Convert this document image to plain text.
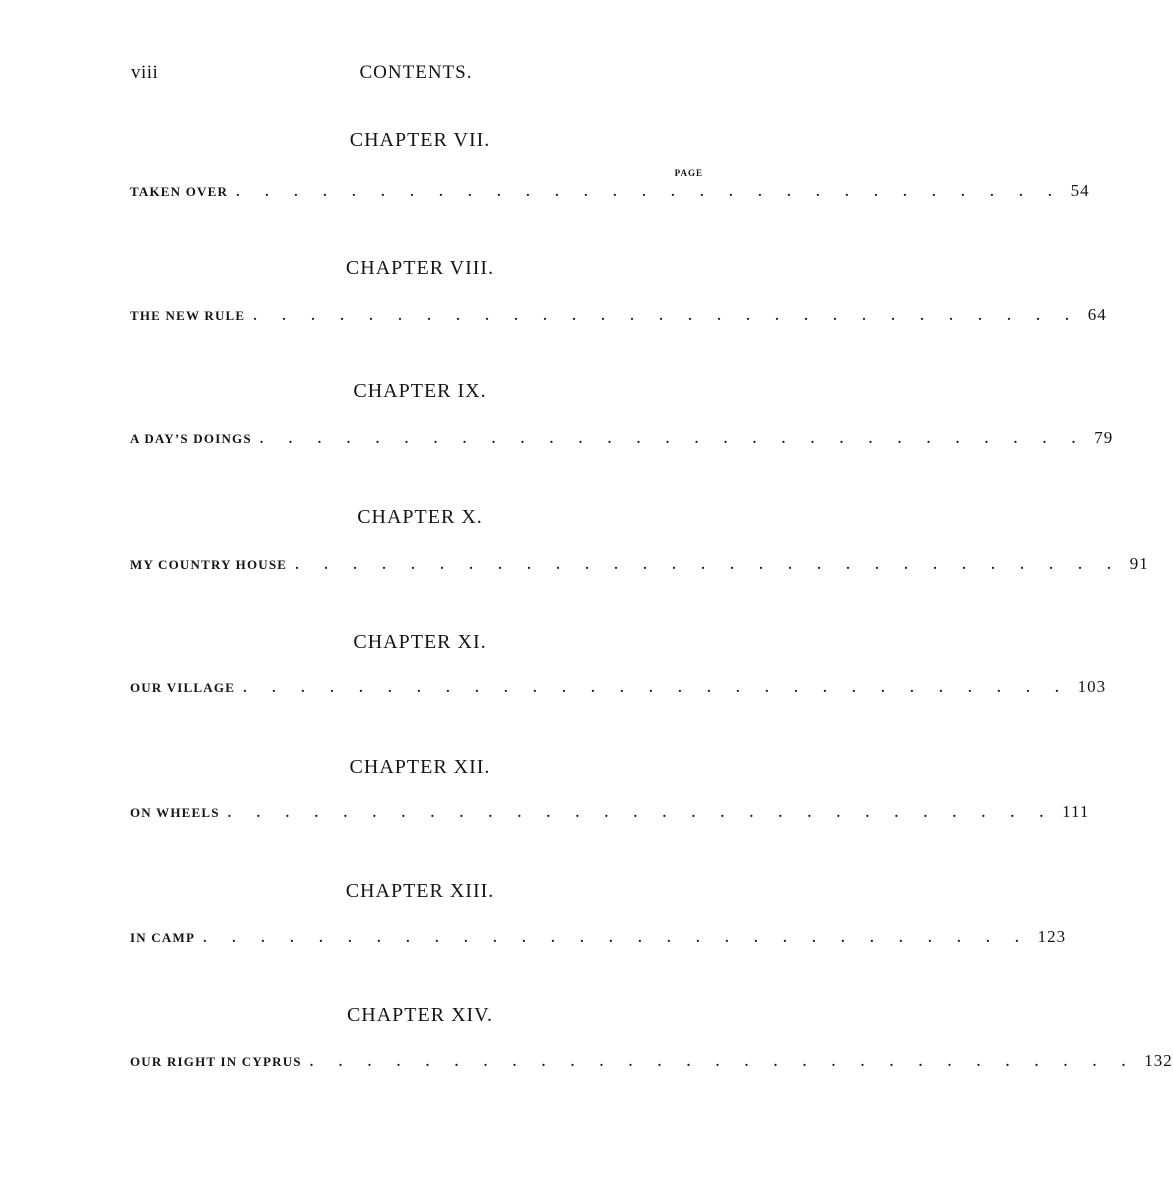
viii	CONTENTS.
PAGE
CHAPTER VII.
TAKEN OVER . . . . . . . . . . . . . . . . . . . . . . . . . . . . . 54
CHAPTER VIII.
THE NEW RULE . . . . . . . . . . . . . . . . . . . . . . . . . . . . . 64
CHAPTER IX.
A DAY’S DOINGS . . . . . . . . . . . . . . . . . . . . . . . . . . . . . 79
CHAPTER X.
MY COUNTRY HOUSE . . . . . . . . . . . . . . . . . . . . . . . . . . . . . 91
CHAPTER XI.
OUR VILLAGE . . . . . . . . . . . . . . . . . . . . . . . . . . . . . 103
CHAPTER XII.
ON WHEELS . . . . . . . . . . . . . . . . . . . . . . . . . . . . . 111
CHAPTER XIII.
IN CAMP . . . . . . . . . . . . . . . . . . . . . . . . . . . . . 123
CHAPTER XIV.
OUR RIGHT IN CYPRUS . . . . . . . . . . . . . . . . . . . . . . . . . . . . . 132
